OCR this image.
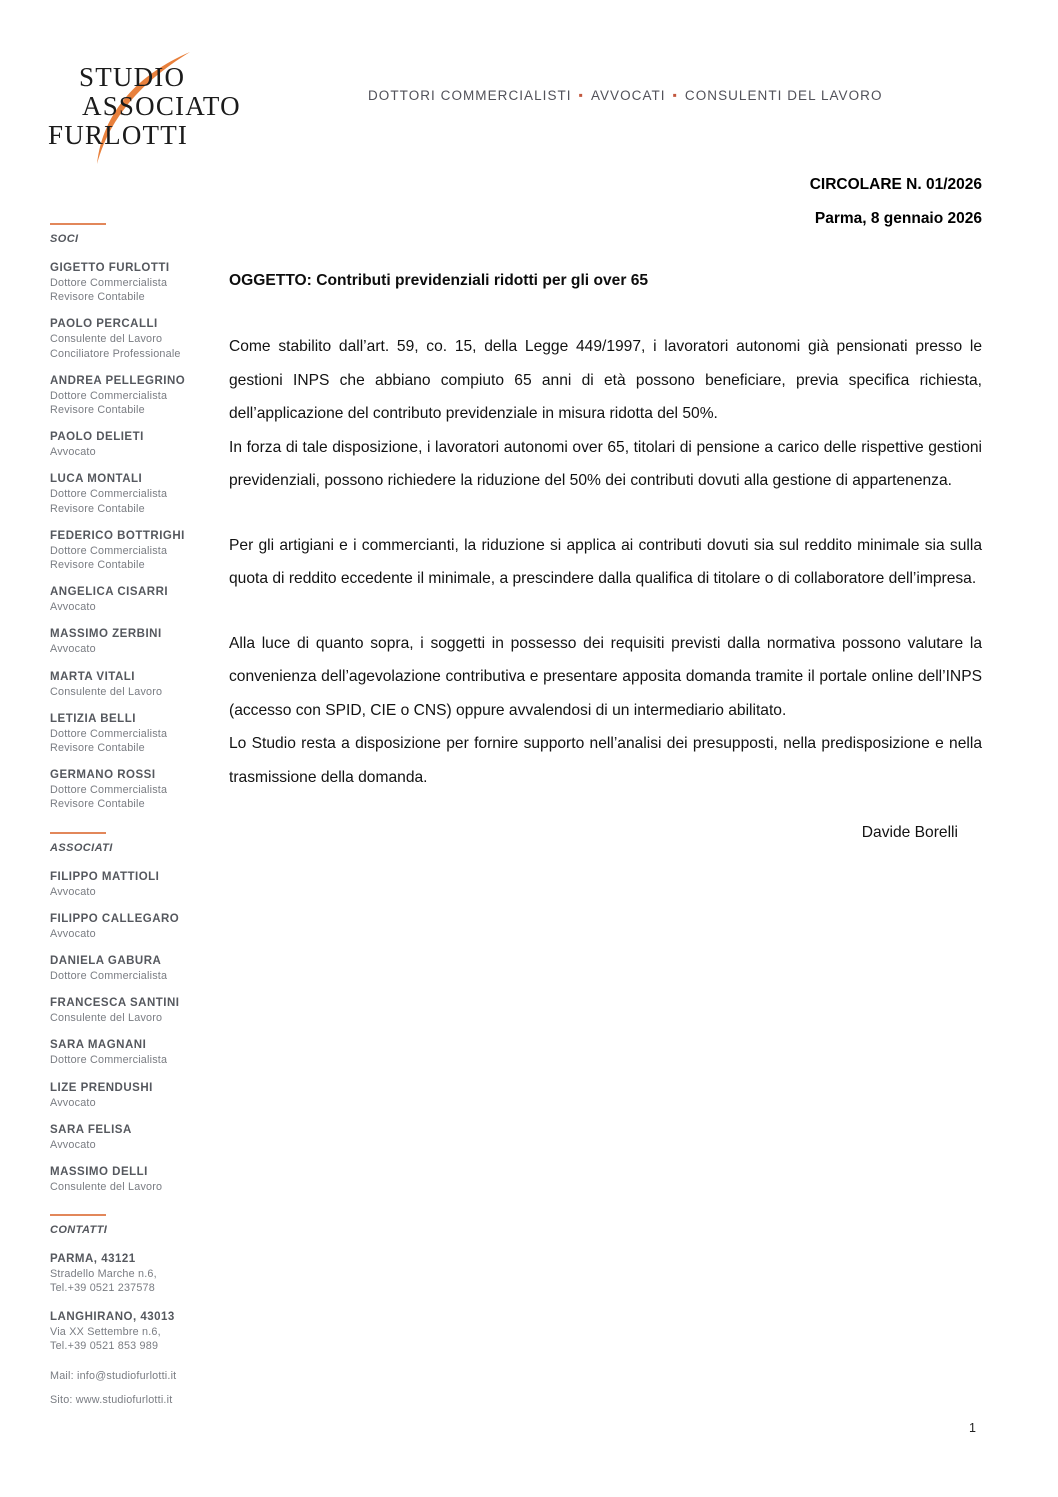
STUDIO
ASSOCIATO
FURLOTTI
DOTTORI COMMERCIALISTI ▪ AVVOCATI ▪ CONSULENTI DEL LAVORO
CIRCOLARE N. 01/2026
Parma, 8 gennaio 2026
SOCI
GIGETTO FURLOTTI
Dottore Commercialista
Revisore Contabile
PAOLO PERCALLI
Consulente del Lavoro
Conciliatore Professionale
ANDREA PELLEGRINO
Dottore Commercialista
Revisore Contabile
PAOLO DELIETI
Avvocato
LUCA MONTALI
Dottore Commercialista
Revisore Contabile
FEDERICO BOTTRIGHI
Dottore Commercialista
Revisore Contabile
ANGELICA CISARRI
Avvocato
MASSIMO ZERBINI
Avvocato
MARTA VITALI
Consulente del Lavoro
LETIZIA BELLI
Dottore Commercialista
Revisore Contabile
GERMANO ROSSI
Dottore Commercialista
Revisore Contabile
ASSOCIATI
FILIPPO MATTIOLI
Avvocato
FILIPPO CALLEGARO
Avvocato
DANIELA GABURA
Dottore Commercialista
FRANCESCA SANTINI
Consulente del Lavoro
SARA MAGNANI
Dottore Commercialista
LIZE PRENDUSHI
Avvocato
SARA FELISA
Avvocato
MASSIMO DELLI
Consulente del Lavoro
CONTATTI
PARMA, 43121
Stradello Marche n.6,
Tel.+39 0521 237578
LANGHIRANO, 43013
Via XX Settembre n.6,
Tel.+39 0521 853 989
Mail: info@studiofurlotti.it
Sito: www.studiofurlotti.it
OGGETTO: Contributi previdenziali ridotti per gli over 65

Come stabilito dall’art. 59, co. 15, della Legge 449/1997, i lavoratori autonomi già pensionati presso le gestioni INPS che abbiano compiuto 65 anni di età possono beneficiare, previa specifica richiesta, dell’applicazione del contributo previdenziale in misura ridotta del 50%.

In forza di tale disposizione, i lavoratori autonomi over 65, titolari di pensione a carico delle rispettive gestioni previdenziali, possono richiedere la riduzione del 50% dei contributi dovuti alla gestione di appartenenza.

Per gli artigiani e i commercianti, la riduzione si applica ai contributi dovuti sia sul reddito minimale sia sulla quota di reddito eccedente il minimale, a prescindere dalla qualifica di titolare o di collaboratore dell’impresa.

Alla luce di quanto sopra, i soggetti in possesso dei requisiti previsti dalla normativa possono valutare la convenienza dell’agevolazione contributiva e presentare apposita domanda tramite il portale online dell’INPS (accesso con SPID, CIE o CNS) oppure avvalendosi di un intermediario abilitato.

Lo Studio resta a disposizione per fornire supporto nell’analisi dei presupposti, nella predisposizione e nella trasmissione della domanda.

Davide Borelli
1
